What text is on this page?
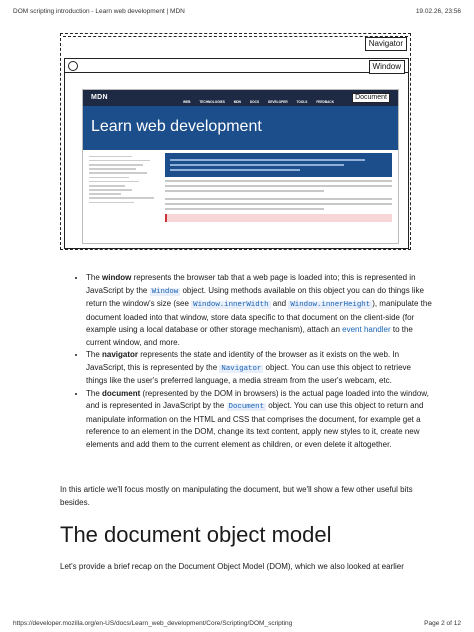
DOM scripting introduction - Learn web development | MDN	19.02.26, 23:56
Navigator
Window
MDN	Document
WEB TECHNOLOGIES	MDN DOCS	DEVELOPER TOOLS	FEEDBACK
Learn web development
• The window represents the browser tab that a web page is loaded into; this is represented in JavaScript by the Window object. Using methods available on this object you can do things like return the window's size (see Window.innerWidth and Window.innerHeight ), manipulate the document loaded into that window, store data specific to that document on the client-side (for example using a local database or other storage mechanism), attach an event handler to the current window, and more.
• The navigator represents the state and identity of the browser as it exists on the web. In JavaScript, this is represented by the Navigator object. You can use this object to retrieve things like the user's preferred language, a media stream from the user's webcam, etc.
• The document (represented by the DOM in browsers) is the actual page loaded into the window, and is represented in JavaScript by the Document object. You can use this object to return and manipulate information on the HTML and CSS that comprises the document, for example get a reference to an element in the DOM, change its text content, apply new styles to it, create new elements and add them to the current element as children, or even delete it altogether.

In this article we'll focus mostly on manipulating the document, but we'll show a few other useful bits besides.

The document object model

Let's provide a brief recap on the Document Object Model (DOM), which we also looked at earlier

https://developer.mozilla.org/en-US/docs/Learn_web_development/Core/Scripting/DOM_scripting	Page 2 of 12
